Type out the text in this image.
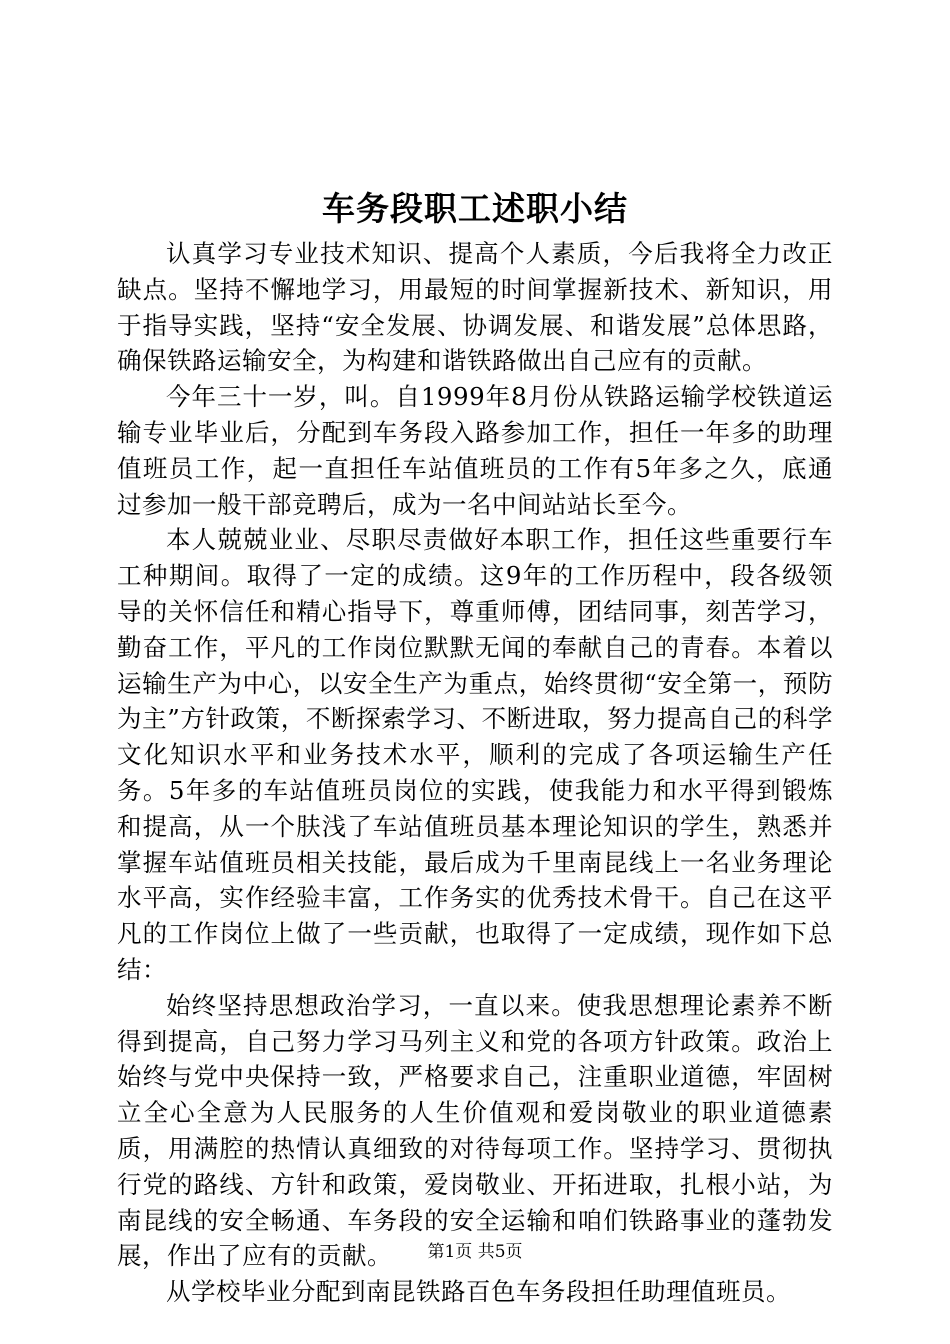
车务段职工述职小结

认真学习专业技术知识、提高个人素质，今后我将全力改正缺点。坚持不懈地学习，用最短的时间掌握新技术、新知识，用于指导实践，坚持“安全发展、协调发展、和谐发展”总体思路，确保铁路运输安全，为构建和谐铁路做出自己应有的贡献。

今年三十一岁，叫。自1999年8月份从铁路运输学校铁道运输专业毕业后，分配到车务段入路参加工作，担任一年多的助理值班员工作，起一直担任车站值班员的工作有5年多之久，底通过参加一般干部竞聘后，成为一名中间站站长至今。

本人兢兢业业、尽职尽责做好本职工作，担任这些重要行车工种期间。取得了一定的成绩。这9年的工作历程中，段各级领导的关怀信任和精心指导下，尊重师傅，团结同事，刻苦学习，勤奋工作，平凡的工作岗位默默无闻的奉献自己的青春。本着以运输生产为中心，以安全生产为重点，始终贯彻“安全第一，预防为主”方针政策，不断探索学习、不断进取，努力提高自己的科学文化知识水平和业务技术水平，顺利的完成了各项运输生产任务。5年多的车站值班员岗位的实践，使我能力和水平得到锻炼和提高，从一个肤浅了车站值班员基本理论知识的学生，熟悉并掌握车站值班员相关技能，最后成为千里南昆线上一名业务理论水平高，实作经验丰富，工作务实的优秀技术骨干。自己在这平凡的工作岗位上做了一些贡献，也取得了一定成绩，现作如下总结：

始终坚持思想政治学习，一直以来。使我思想理论素养不断得到提高，自己努力学习马列主义和党的各项方针政策。政治上始终与党中央保持一致，严格要求自己，注重职业道德，牢固树立全心全意为人民服务的人生价值观和爱岗敬业的职业道德素质，用满腔的热情认真细致的对待每项工作。坚持学习、贯彻执行党的路线、方针和政策，爱岗敬业、开拓进取，扎根小站，为南昆线的安全畅通、车务段的安全运输和咱们铁路事业的蓬勃发展，作出了应有的贡献。

从学校毕业分配到南昆铁路百色车务段担任助理值班员。

第1页 共5页
